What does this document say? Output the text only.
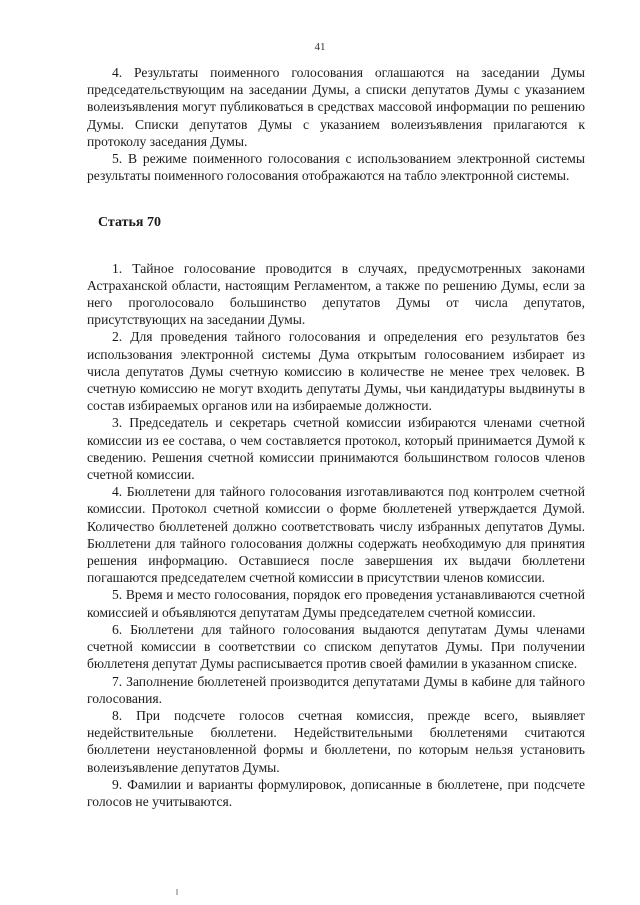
41

4. Результаты поименного голосования оглашаются на заседании Думы председательствующим на заседании Думы, а списки депутатов Думы с указанием волеизъявления могут публиковаться в средствах массовой информации по решению Думы. Списки депутатов Думы с указанием волеизъявления прилагаются к протоколу заседания Думы.

5. В режиме поименного голосования с использованием электронной системы результаты поименного голосования отображаются на табло электронной системы.

Статья 70

1. Тайное голосование проводится в случаях, предусмотренных законами Астраханской области, настоящим Регламентом, а также по решению Думы, если за него проголосовало большинство депутатов Думы от числа депутатов, присутствующих на заседании Думы.

2. Для проведения тайного голосования и определения его результатов без использования электронной системы Дума открытым голосованием избирает из числа депутатов Думы счетную комиссию в количестве не менее трех человек. В счетную комиссию не могут входить депутаты Думы, чьи кандидатуры выдвинуты в состав избираемых органов или на избираемые должности.

3. Председатель и секретарь счетной комиссии избираются членами счетной комиссии из ее состава, о чем составляется протокол, который принимается Думой к сведению. Решения счетной комиссии принимаются большинством голосов членов счетной комиссии.

4. Бюллетени для тайного голосования изготавливаются под контролем счетной комиссии. Протокол счетной комиссии о форме бюллетеней утверждается Думой. Количество бюллетеней должно соответствовать числу избранных депутатов Думы. Бюллетени для тайного голосования должны содержать необходимую для принятия решения информацию. Оставшиеся после завершения их выдачи бюллетени погашаются председателем счетной комиссии в присутствии членов комиссии.

5. Время и место голосования, порядок его проведения устанавливаются счетной комиссией и объявляются депутатам Думы председателем счетной комиссии.

6. Бюллетени для тайного голосования выдаются депутатам Думы членами счетной комиссии в соответствии со списком депутатов Думы. При получении бюллетеня депутат Думы расписывается против своей фамилии в указанном списке.

7. Заполнение бюллетеней производится депутатами Думы в кабине для тайного голосования.

8. При подсчете голосов счетная комиссия, прежде всего, выявляет недействительные бюллетени. Недействительными бюллетенями считаются бюллетени неустановленной формы и бюллетени, по которым нельзя установить волеизъявление депутатов Думы.

9. Фамилии и варианты формулировок, дописанные в бюллетене, при подсчете голосов не учитываются.
